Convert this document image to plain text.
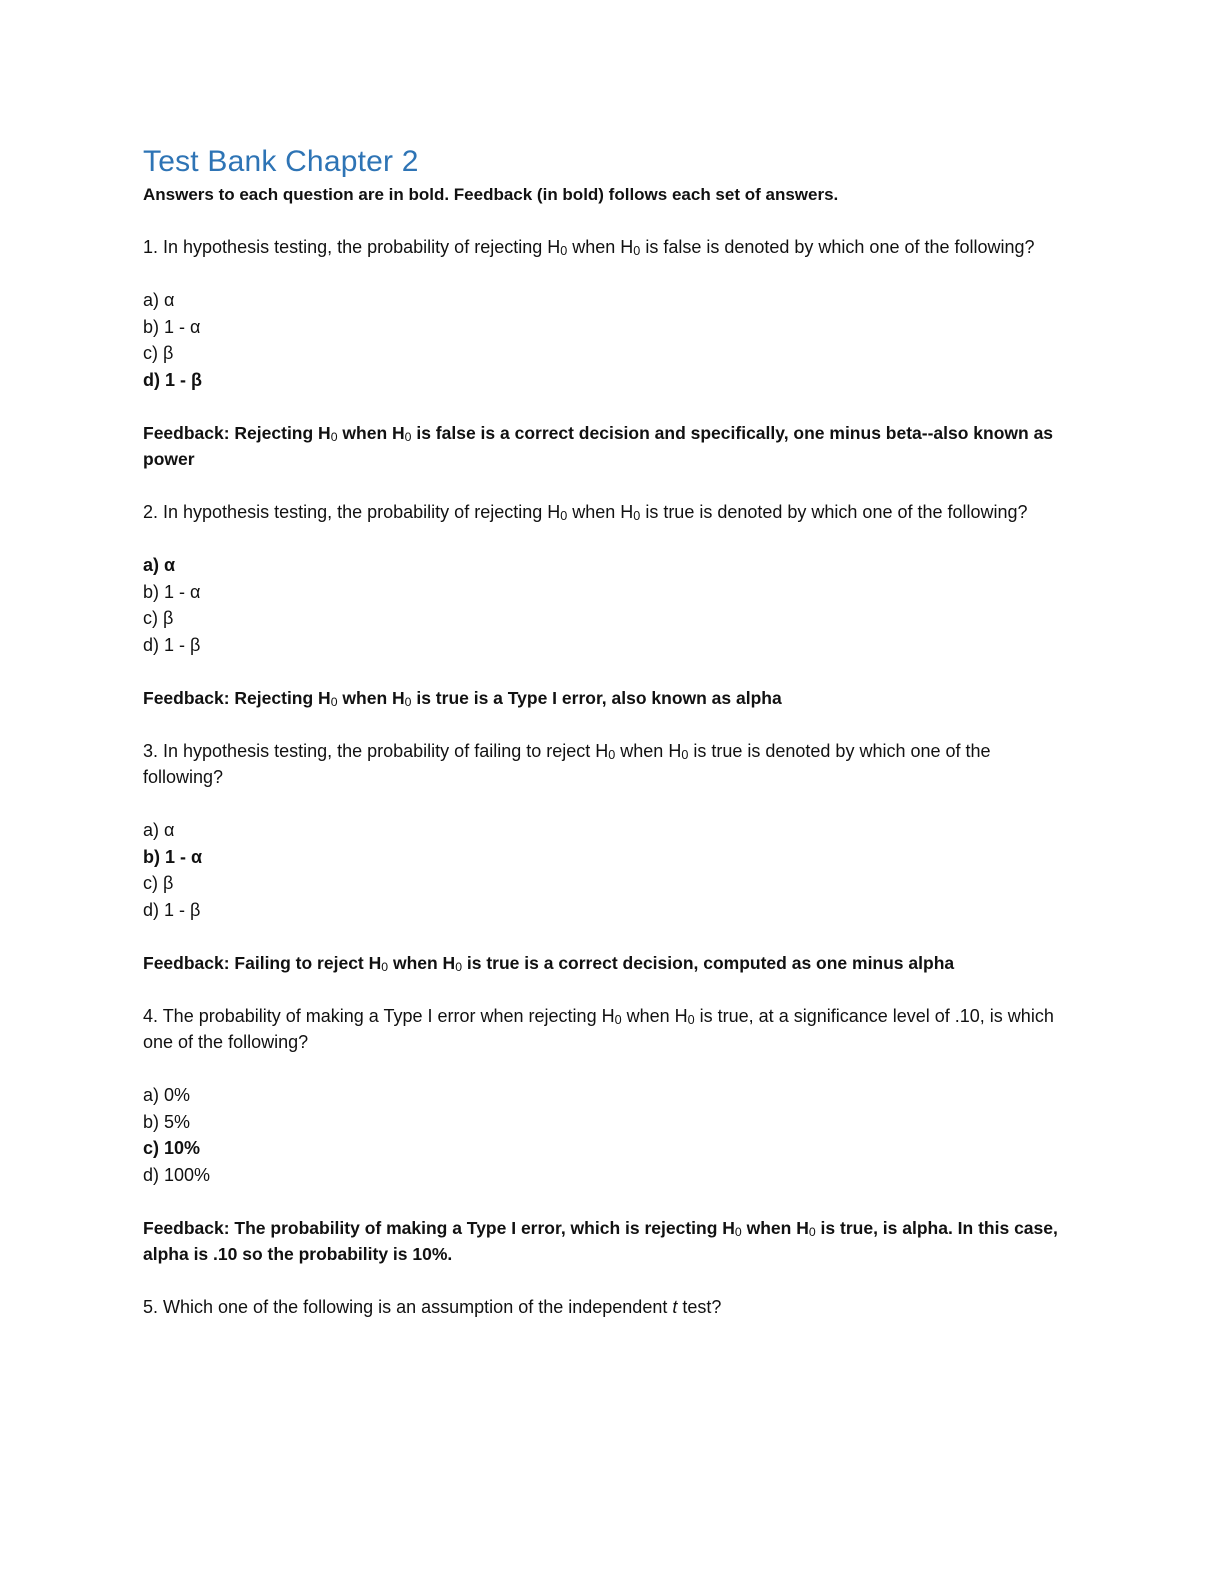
Test Bank Chapter 2

Answers to each question are in bold. Feedback (in bold) follows each set of answers.

1. In hypothesis testing, the probability of rejecting $H_0$ when $H_0$ is false is denoted by which one of the following?

a) α
b) 1 - α
c) β
d) 1 - β

Feedback: Rejecting $H_0$ when $H_0$ is false is a correct decision and specifically, one minus beta--also known as power

2. In hypothesis testing, the probability of rejecting $H_0$ when $H_0$ is true is denoted by which one of the following?

a) α
b) 1 - α
c) β
d) 1 - β

Feedback: Rejecting $H_0$ when $H_0$ is true is a Type I error, also known as alpha

3. In hypothesis testing, the probability of failing to reject $H_0$ when $H_0$ is true is denoted by which one of the following?

a) α
b) 1 - α
c) β
d) 1 - β

Feedback: Failing to reject $H_0$ when $H_0$ is true is a correct decision, computed as one minus alpha

4. The probability of making a Type I error when rejecting $H_0$ when $H_0$ is true, at a significance level of .10, is which one of the following?

a) 0%
b) 5%
c) 10%
d) 100%

Feedback: The probability of making a Type I error, which is rejecting $H_0$ when $H_0$ is true, is alpha. In this case, alpha is .10 so the probability is 10%.

5. Which one of the following is an assumption of the independent t test?
